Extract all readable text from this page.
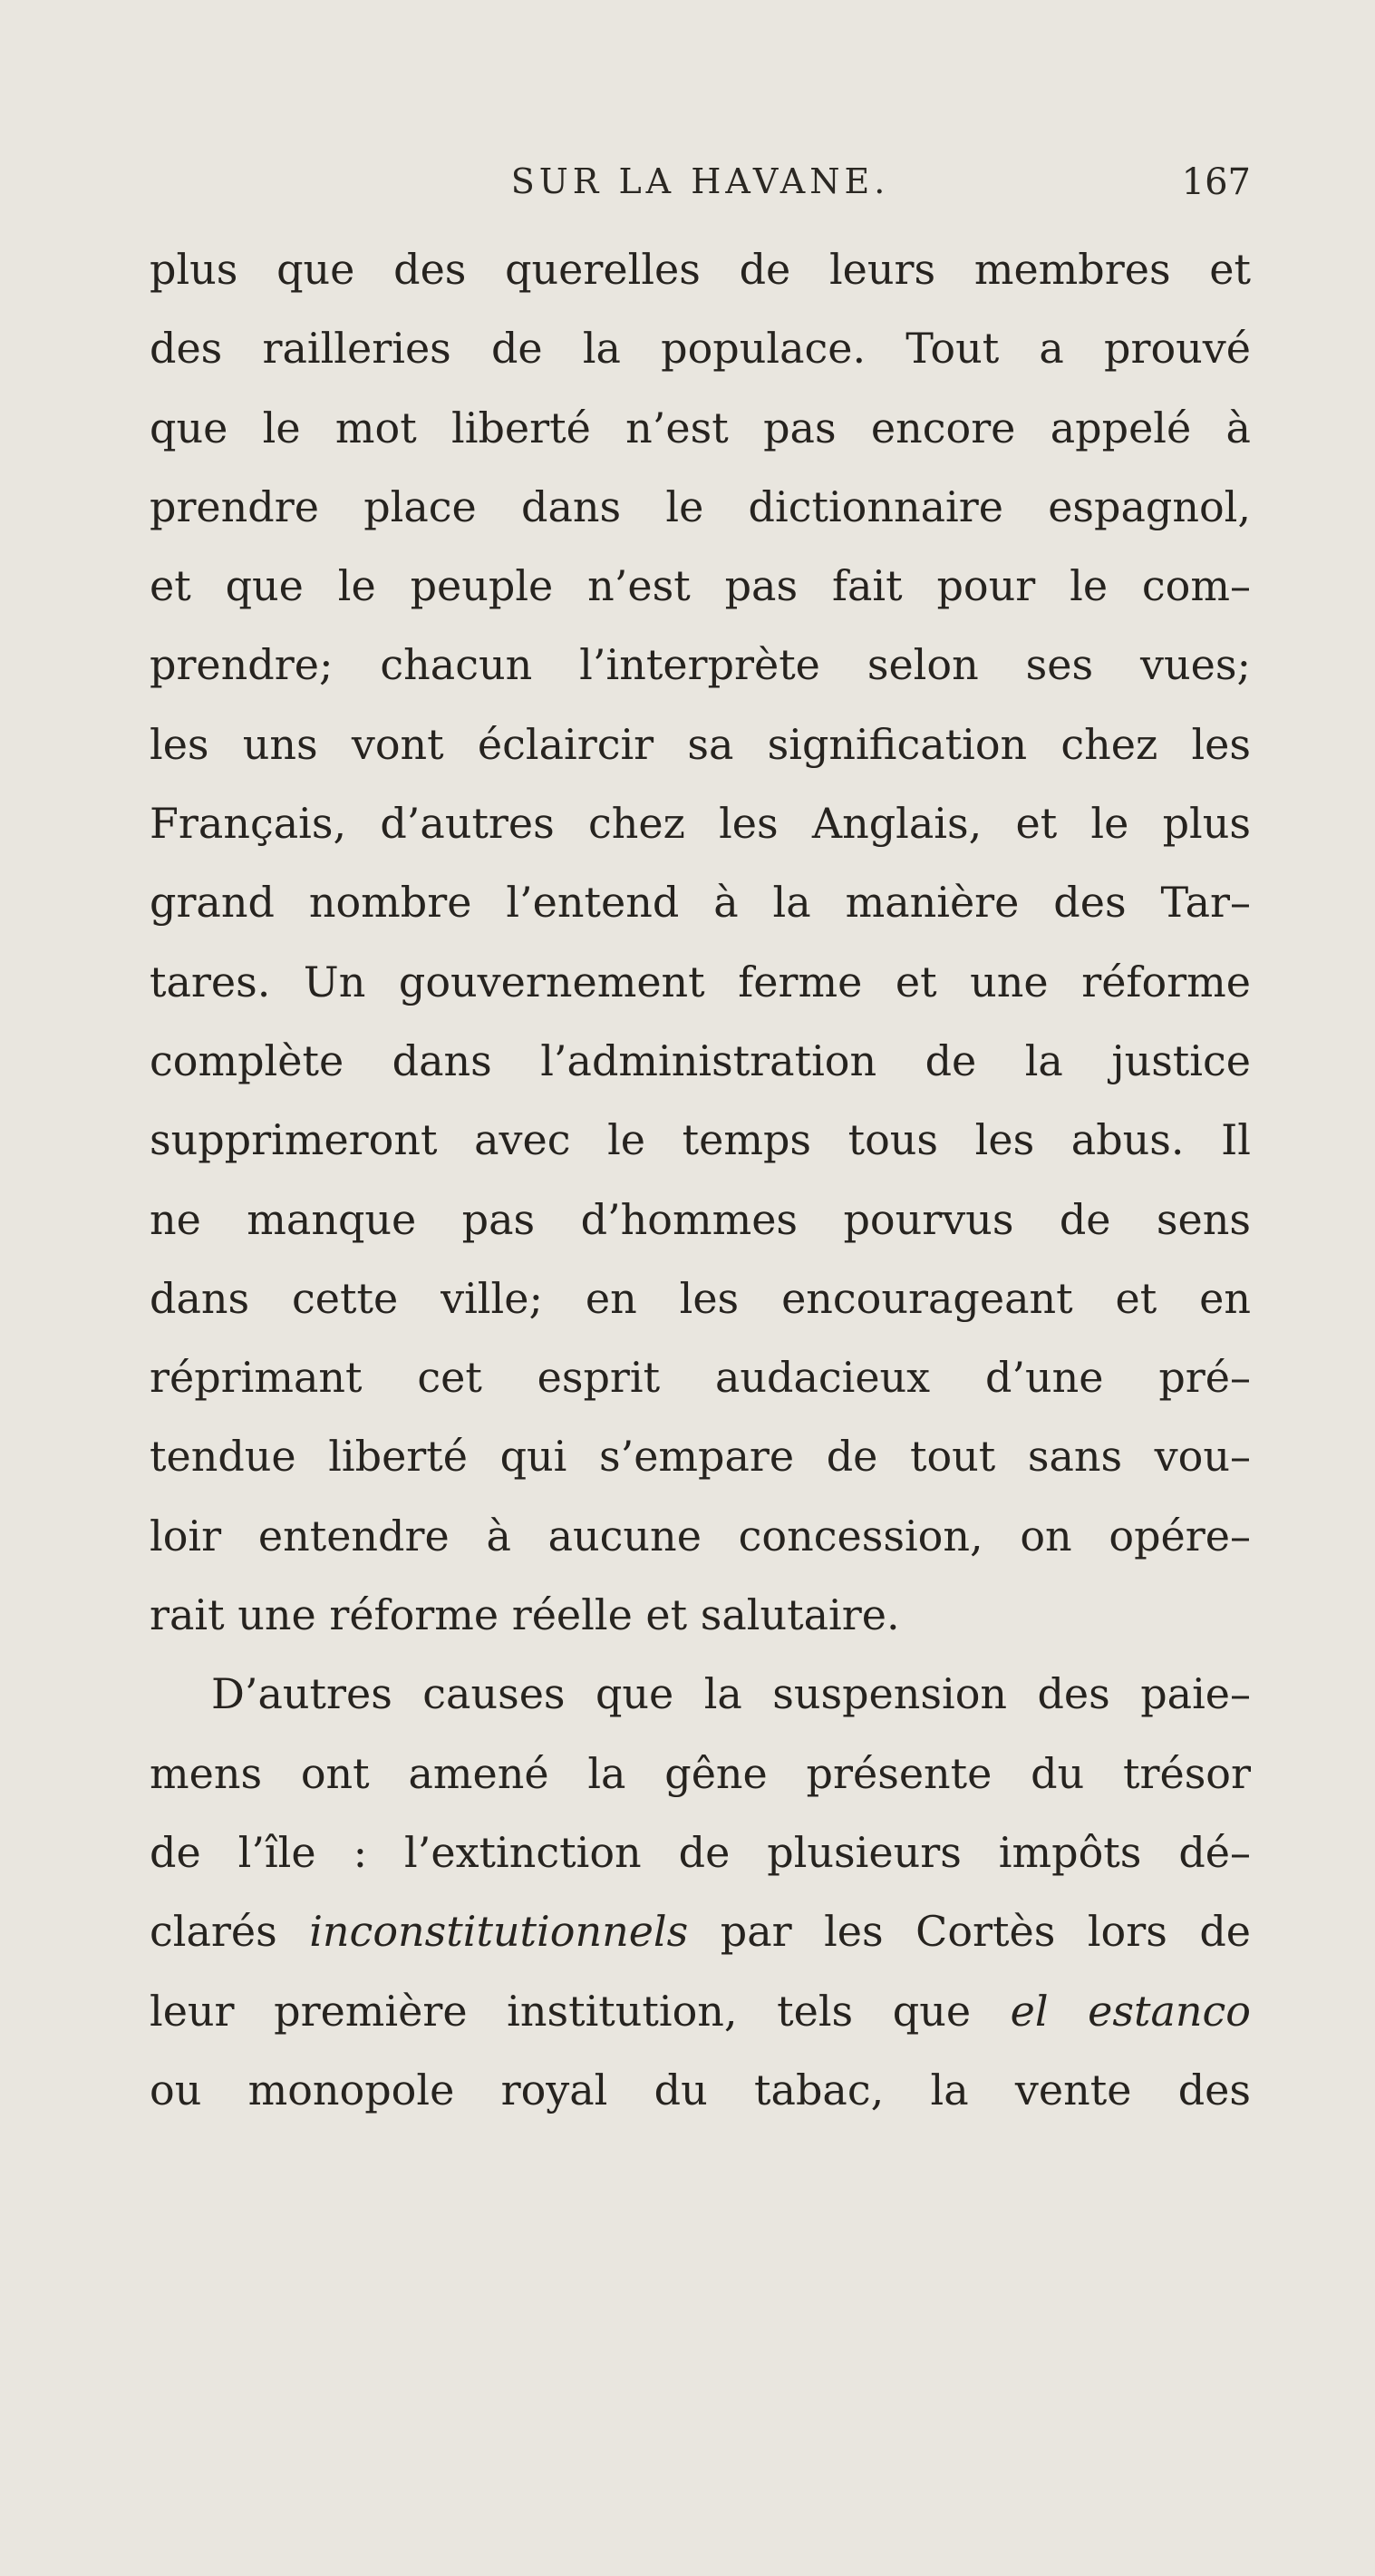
SUR LA HAVANE.	167
plus que des querelles de leurs membres et
des railleries de la populace. Tout a prouvé
que le mot liberté n’est pas encore appelé à
prendre place dans le dictionnaire espagnol,
et que le peuple n’est pas fait pour le com–
prendre; chacun l’interprète selon ses vues;
les uns vont éclaircir sa signification chez les
Français, d’autres chez les Anglais, et le plus
grand nombre l’entend à la manière des Tar–
tares. Un gouvernement ferme et une réforme
complète dans l’administration de la justice
supprimeront avec le temps tous les abus. Il
ne manque pas d’hommes pourvus de sens
dans cette ville; en les encourageant et en
réprimant cet esprit audacieux d’une pré–
tendue liberté qui s’empare de tout sans vou–
loir entendre à aucune concession, on opére–
rait une réforme réelle et salutaire.
D’autres causes que la suspension des paie–
mens ont amené la gêne présente du trésor
de l’île : l’extinction de plusieurs impôts dé–
clarés inconstitutionnels par les Cortès lors de
leur première institution, tels que el estanco
ou monopole royal du tabac, la vente des
